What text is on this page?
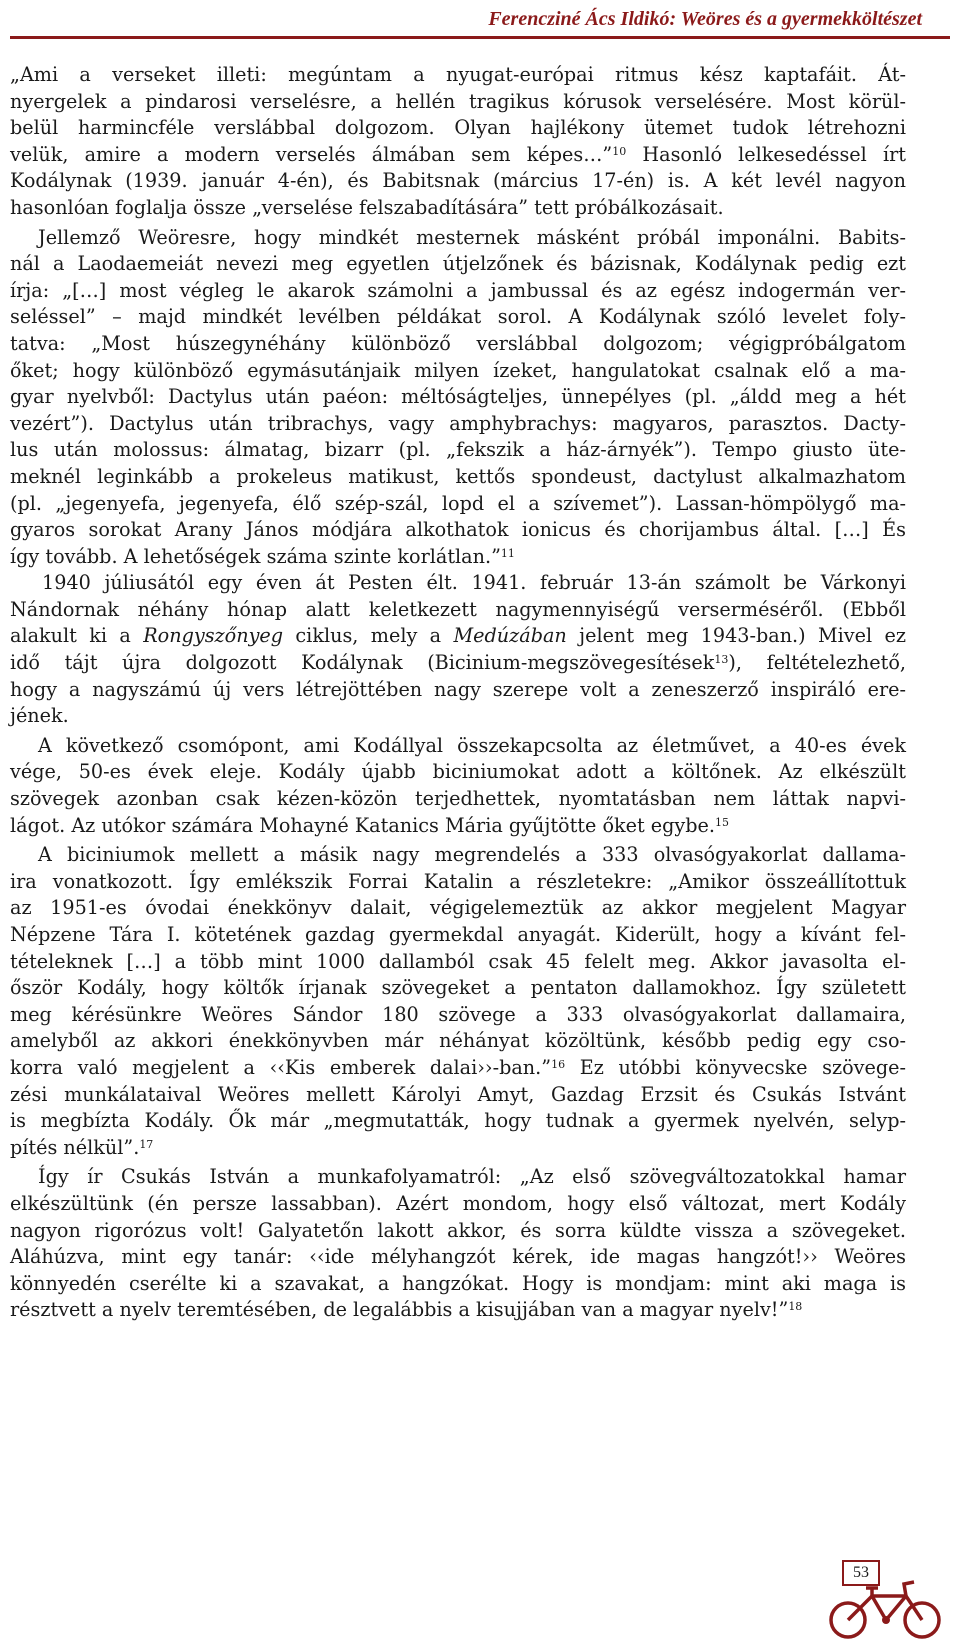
Ferencziné Ács Ildikó: Weöres és a gyermekköltészet
„Ami a verseket illeti: megúntam a nyugat-európai ritmus kész kaptafáit. Át-
nyergelek a pindarosi verselésre, a hellén tragikus kórusok verselésére. Most körül-
belül harmincféle verslábbal dolgozom. Olyan hajlékony ütemet tudok létrehozni
velük, amire a modern verselés álmában sem képes…”$^{10}$ Hasonló lelkesedéssel írt
Kodálynak (1939. január 4-én), és Babitsnak (március 17-én) is. A két levél nagyon
hasonlóan foglalja össze „verselése felszabadítására” tett próbálkozásait.
Jellemző Weöresre, hogy mindkét mesternek másként próbál imponálni. Babits-
nál a Laodaemeiát nevezi meg egyetlen útjelzőnek és bázisnak, Kodálynak pedig ezt
írja: „[…] most végleg le akarok számolni a jambussal és az egész indogermán ver-
seléssel” – majd mindkét levélben példákat sorol. A Kodálynak szóló levelet foly-
tatva: „Most húszegynéhány különböző verslábbal dolgozom; végigpróbálgatom
őket; hogy különböző egymásutánjaik milyen ízeket, hangulatokat csalnak elő a ma-
gyar nyelvből: Dactylus után paéon: méltóságteljes, ünnepélyes (pl. „áldd meg a hét
vezért”). Dactylus után tribrachys, vagy amphybrachys: magyaros, parasztos. Dacty-
lus után molossus: álmatag, bizarr (pl. „fekszik a ház-árnyék”). Tempo giusto üte-
meknél leginkább a prokeleus matikust, kettős spondeust, dactylust alkalmazhatom
(pl. „jegenyefa, jegenyefa, élő szép-szál, lopd el a szívemet”). Lassan-hömpölygő ma-
gyaros sorokat Arany János módjára alkothatok ionicus és chorijambus által. […] És
így tovább. A lehetőségek száma szinte korlátlan.”$^{11}$
1940 júliusától egy éven át Pesten élt. 1941. február 13-án számolt be Várkonyi
Nándornak néhány hónap alatt keletkezett nagymennyiségű verserméséről. (Ebből
alakult ki a Rongyszőnyeg ciklus, mely a Medúzában jelent meg 1943-ban.) Mivel ez
idő tájt újra dolgozott Kodálynak (Bicinium-megszövegesítések$^{13}$), feltételezhető,
hogy a nagyszámú új vers létrejöttében nagy szerepe volt a zeneszerző inspiráló ere-
jének.
A következő csomópont, ami Kodállyal összekapcsolta az életművet, a 40-es évek
vége, 50-es évek eleje. Kodály újabb biciniumokat adott a költőnek. Az elkészült
szövegek azonban csak kézen-közön terjedhettek, nyomtatásban nem láttak napvi-
lágot. Az utókor számára Mohayné Katanics Mária gyűjtötte őket egybe.$^{15}$
A biciniumok mellett a másik nagy megrendelés a 333 olvasógyakorlat dallama-
ira vonatkozott. Így emlékszik Forrai Katalin a részletekre: „Amikor összeállítottuk
az 1951-es óvodai énekkönyv dalait, végigelemeztük az akkor megjelent Magyar
Népzene Tára I. kötetének gazdag gyermekdal anyagát. Kiderült, hogy a kívánt fel-
tételeknek […] a több mint 1000 dallamból csak 45 felelt meg. Akkor javasolta el-
őször Kodály, hogy költők írjanak szövegeket a pentaton dallamokhoz. Így született
meg kérésünkre Weöres Sándor 180 szövege a 333 olvasógyakorlat dallamaira,
amelyből az akkori énekkönyvben már néhányat közöltünk, később pedig egy cso-
korra való megjelent a ‹‹Kis emberek dalai››-ban.”$^{16}$ Ez utóbbi könyvecske szövege-
zési munkálataival Weöres mellett Károlyi Amyt, Gazdag Erzsit és Csukás Istvánt
is megbízta Kodály. Ők már „megmutatták, hogy tudnak a gyermek nyelvén, selyp-
pítés nélkül”.$^{17}$
Így ír Csukás István a munkafolyamatról: „Az első szövegváltozatokkal hamar
elkészültünk (én persze lassabban). Azért mondom, hogy első változat, mert Kodály
nagyon rigorózus volt! Galyatetőn lakott akkor, és sorra küldte vissza a szövegeket.
Aláhúzva, mint egy tanár: ‹‹ide mélyhangzót kérek, ide magas hangzót!›› Weöres
könnyedén cserélte ki a szavakat, a hangzókat. Hogy is mondjam: mint aki maga is
résztvett a nyelv teremtésében, de legalábbis a kisujjában van a magyar nyelv!”$^{18}$
53
